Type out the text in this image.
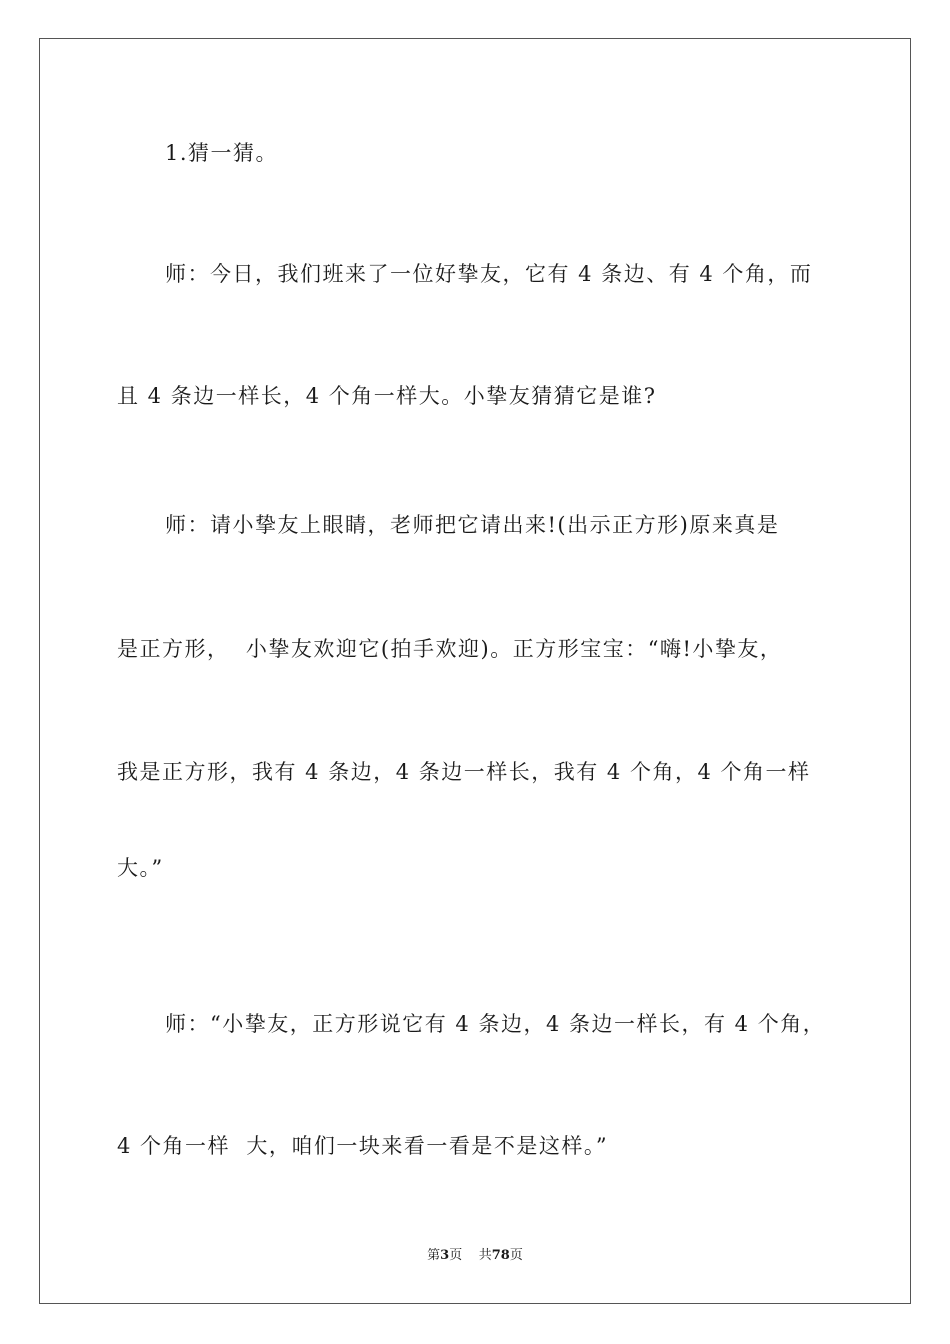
1.猜一猜。
师：今日，我们班来了一位好挚友，它有 4 条边、有 4 个角，而
且 4 条边一样长，4 个角一样大。小挚友猜猜它是谁?
师：请小挚友上眼睛，老师把它请出来!(出示正方形)原来真是
是正方形，  小挚友欢迎它(拍手欢迎)。正方形宝宝：“嗨!小挚友，
我是正方形，我有 4 条边，4 条边一样长，我有 4 个角，4 个角一样
大。”
师：“小挚友，正方形说它有 4 条边，4 条边一样长，有 4 个角，
4 个角一样  大，咱们一块来看一看是不是这样。”
第3页 共78页
